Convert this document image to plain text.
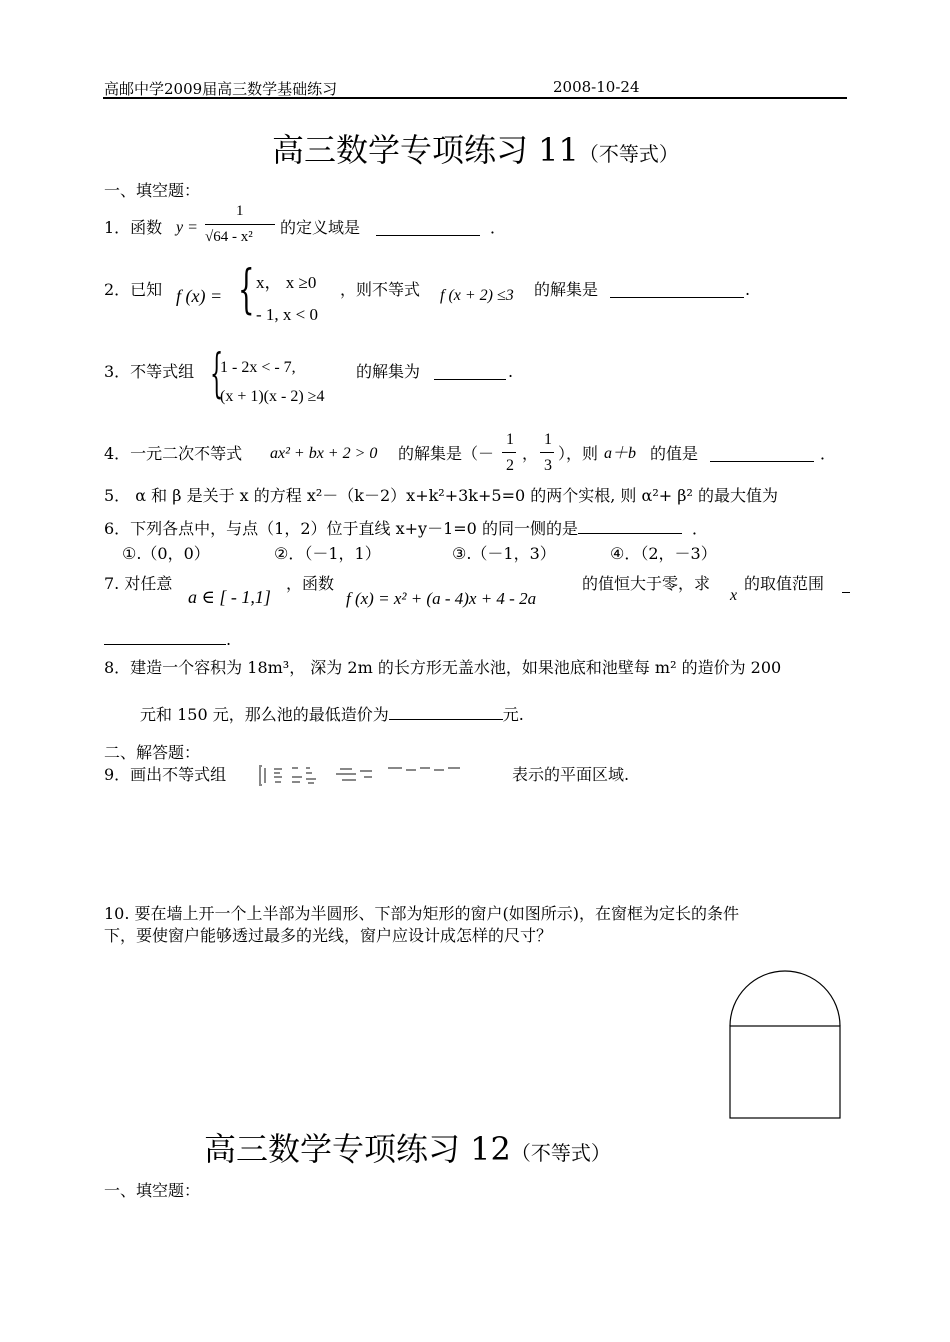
高邮中学2009届高三数学基础练习	2008-10-24
高三数学专项练习 11（不等式）
一、填空题：
1．函数 y =
1
√64 - x² 的定义域是	．
2．已知 f (x) = { x， x ≥0
- 1, x < 0
，则不等式 f (x + 2) ≤3 的解集是	.
3．不等式组 {
1 - 2x < - 7,
(x + 1)(x - 2) ≥4
的解集为	.
4．一元二次不等式 ax² + bx + 2 > 0 的解集是（－
1
2
，
1
3
），则 a＋b 的值是	．
5． α 和 β 是关于 x 的方程 x²－（k－2）x+k²+3k+5=0 的两个实根, 则 α²+ β² 的最大值为
6．下列各点中，与点（1，2）位于直线 x+y－1=0 的同一侧的是	．
①.（0，0）	②．（－1，1）	③.（－1，3）	④．（2，－3）
7. 对任意
a ∈ [ - 1,1]
，函数
f (x) = x² + (a - 4)x + 4 - 2a
的值恒大于零，求
x
的取值范围
.
8．建造一个容积为 18m³， 深为 2m 的长方形无盖水池，如果池底和池壁每 m² 的造价为 200
元和 150 元，那么池的最低造价为	元.
二、解答题：
9．画出不等式组	表示的平面区域.
10. 要在墙上开一个上半部为半圆形、下部为矩形的窗户(如图所示)，在窗框为定长的条件
下，要使窗户能够透过最多的光线，窗户应设计成怎样的尺寸？
高三数学专项练习 12（不等式）
一、填空题：
